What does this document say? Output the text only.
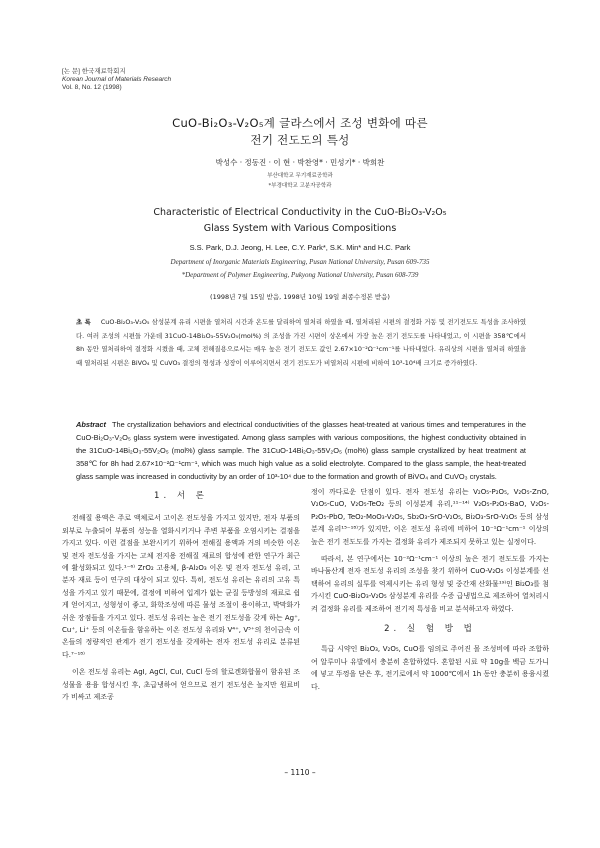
[논 문] 한국재료학회지
Korean Journal of Materials Research
Vol. 8, No. 12 (1998)
CuO-Bi₂O₃-V₂O₅계 글라스에서 조성 변화에 따른
전기 전도도의 특성
박성수 · 정동진 · 이 현 · 박찬영* · 민성기* · 박희찬
부산대학교 무기재료공학과
*부경대학교 고분자공학과
Characteristic of Electrical Conductivity in the CuO-Bi₂O₃-V₂O₅
Glass System with Various Compositions
S.S. Park, D.J. Jeong, H. Lee, C.Y. Park*, S.K. Min* and H.C. Park
Department of Inorganic Materials Engineering, Pusan National University, Pusan 609-735
*Department of Polymer Engineering, Pukyong National University, Pusan 608-739
(1998년 7월 15일 받음, 1998년 10월 19일 최종수정본 받음)
초 록 CuO-Bi₂O₃-V₂O₅ 삼성분계 유리 시편을 열처리 시간과 온도를 달리하여 열처리 하였을 때, 열처리된 시편의 결정화 거동 및 전기전도도 특성을 조사하였다. 여러 조성의 시편들 가운데 31CuO-14Bi₂O₃-55V₂O₅(mol%) 의 조성을 가진 시편이 상온에서 가장 높은 전기 전도도를 나타내었고, 이 시편을 358℃에서 8h 동안 열처리하여 결정화 시켰을 때, 고체 전해질용으로서는 매우 높은 전기 전도도 값인 2.67×10⁻²Ω⁻¹cm⁻¹를 나타내었다. 유리상의 시편을 열처리 하였을 때 열처리된 시편은 BiVO₄ 및 CuVO₃ 결정의 형성과 성장이 이루어지면서 전기 전도도가 비열처리 시편에 비하여 10³-10⁴배 크기로 증가하였다.
Abstract The crystallization behaviors and electrical conductivities of the glasses heat-treated at various times and temperatures in the CuO-Bi₂O₃-V₂O₅ glass system were investigated. Among glass samples with various compositions, the highest conductivity obtained in the 31CuO-14Bi₂O₃-55V₂O₅ (mol%) glass sample. The 31CuO-14Bi₂O₃-55V₂O₅ (mol%) glass sample crystallized by heat treatment at 358℃ for 8h had 2.67×10⁻²Ω⁻¹cm⁻¹, which was much high value as a solid electrolyte. Compared to the glass sample, the heat-treated glass sample was increased in conductivity by an order of 10³-10⁴ due to the formation and growth of BiVO₄ and CuVO₃ crystals.
1. 서 론
전해질 용액은 주로 액체로서 고이온 전도성을 가지고 있지만, 전자 부품의 외부로 누출되어 부품의 성능을 열화시키거나 주변 부품을 오염시키는 결점을 가지고 있다. 이런 결점을 보완시키기 위하여 전해질 용액과 거의 비슷한 이온 및 전자 전도성을 가지는 고체 전지용 전해질 재료의 합성에 관한 연구가 최근에 활성화되고 있다.¹⁻⁶⁾ ZrO₂ 고용체, β-Al₂O₃ 이온 및 전자 전도성 유리, 고분자 재료 등이 연구의 대상이 되고 있다. 특히, 전도성 유리는 유리의 고유 특성을 가지고 있기 때문에, 결정에 비하여 입계가 없는 균질 등방성의 재료로 쉽게 얻어지고, 성형성이 좋고, 화학조성에 따른 물성 조절이 용이하고, 박막화가 쉬운 장점들을 가지고 있다. 전도성 유리는 높은 전기 전도성을 갖게 하는 Ag⁺, Cu⁺, Li⁺ 등의 이온들을 함유하는 이온 전도성 유리와 V⁴⁺, V⁵⁺의 천이금속 이온들의 정량적인 관계가 전기 전도성을 갖게하는 전자 전도성 유리로 분류된다.⁷⁻¹⁸⁾
이온 전도성 유리는 AgI, AgCl, CuI, CuCl 등의 할로겐화합물이 함유된 조성물을 용융 합성시킨 후, 초급냉하여 얻으므로 전기 전도성은 높지만 원료비가 비싸고 제조공
정이 까다로운 단점이 있다. 전자 전도성 유리는 V₂O₅-P₂O₅, V₂O₅-ZnO, V₂O₅-CuO, V₂O₅-TeO₂ 등의 이성분계 유리,¹¹⁻¹⁴⁾ V₂O₅-P₂O₅-BaO, V₂O₅-P₂O₅-PbO, TeO₂-MoO₃-V₂O₅, Sb₂O₃-SrO-V₂O₅, Bi₂O₃-SrO-V₂O₅ 등의 삼성분계 유리¹⁵⁻¹⁸⁾가 있지만, 이온 전도성 유리에 비하여 10⁻¹Ω⁻¹cm⁻¹ 이상의 높은 전기 전도도를 가지는 결정화 유리가 제조되지 못하고 있는 실정이다.
따라서, 본 연구에서는 10⁻²Ω⁻¹cm⁻¹ 이상의 높은 전기 전도도를 가지는 바나듐산계 전자 전도성 유리의 조성을 찾기 위하여 CuO-V₂O₅ 이성분계를 선택하여 유리의 실투를 억제시키는 유리 형성 및 중간재 산화물¹⁹⁾인 Bi₂O₃를 첨가시킨 CuO-Bi₂O₃-V₂O₅ 삼성분계 유리를 수증 급냉법으로 제조하여 열처리시켜 결정화 유리를 제조하여 전기적 특성을 비교 분석하고자 하였다.
2. 실 험 방 법
특급 시약인 Bi₂O₃, V₂O₅, CuO를 임의로 주어진 몰 조성비에 따라 조합하여 알루미나 유발에서 충분히 혼합하였다. 혼합된 시료 약 10g을 백금 도가니에 넣고 뚜껑을 닫은 후, 전기로에서 약 1000℃에서 1h 동안 충분히 용융시켰다.
– 1110 –
